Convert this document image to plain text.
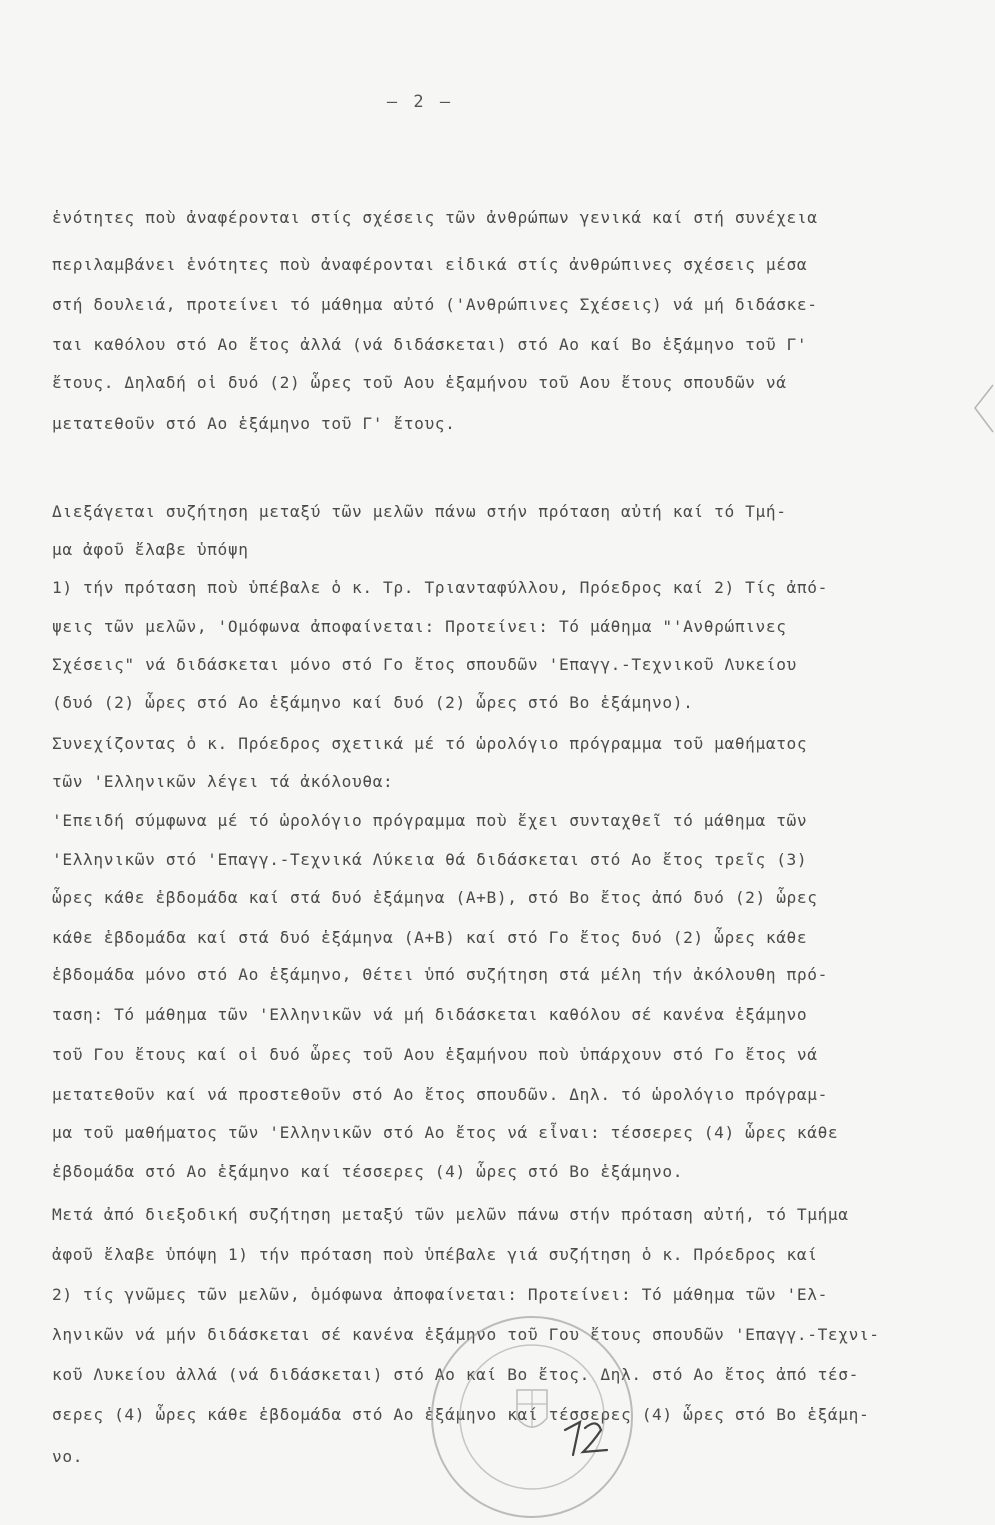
– 2 –
ἑνότητες ποὺ ἀναφέρονται στίς σχέσεις τῶν ἀνθρώπων γενικά καί στή συνέχεια
περιλαμβάνει ἑνότητες ποὺ ἀναφέρονται εἰδικά στίς ἀνθρώπινες σχέσεις μέσα
στή δουλειά, προτείνει τό μάθημα αὐτό ('Ανθρώπινες Σχέσεις) νά μή διδάσκε-
ται καθόλου στό Αο ἔτος ἀλλά (νά διδάσκεται) στό Αο καί Βο ἑξάμηνο τοῦ Γ'
ἔτους. Δηλαδή οἱ δυό (2) ὧρες τοῦ Αου ἑξαμήνου τοῦ Αου ἔτους σπουδῶν νά
μετατεθοῦν στό Αο ἑξάμηνο τοῦ Γ' ἔτους.
Διεξάγεται συζήτηση μεταξύ τῶν μελῶν πάνω στήν πρόταση αὐτή καί τό Τμή-
μα ἀφοῦ ἔλαβε ὑπόψη
1) τήν πρόταση ποὺ ὑπέβαλε ὁ κ. Τρ. Τριανταφύλλου, Πρόεδρος καί 2) Τίς ἀπό-
ψεις τῶν μελῶν, 'Ομόφωνα ἀποφαίνεται: Προτείνει: Τό μάθημα "'Ανθρώπινες
Σχέσεις" νά διδάσκεται μόνο στό Γο ἔτος σπουδῶν 'Επαγγ.-Τεχνικοῦ Λυκείου
(δυό (2) ὧρες στό Αο ἑξάμηνο καί δυό (2) ὧρες στό Βο ἑξάμηνο).
Συνεχίζοντας ὁ κ. Πρόεδρος σχετικά μέ τό ὡρολόγιο πρόγραμμα τοῦ μαθήματος
τῶν 'Ελληνικῶν λέγει τά ἀκόλουθα:
'Επειδή σύμφωνα μέ τό ὡρολόγιο πρόγραμμα ποὺ ἔχει συνταχθεῖ τό μάθημα τῶν
'Ελληνικῶν στό 'Επαγγ.-Τεχνικά Λύκεια θά διδάσκεται στό Αο ἔτος τρεῖς (3)
ὧρες κάθε ἑβδομάδα καί στά δυό ἑξάμηνα (Α+Β), στό Βο ἔτος ἀπό δυό (2) ὧρες
κάθε ἑβδομάδα καί στά δυό ἑξάμηνα (Α+Β) καί στό Γο ἔτος δυό (2) ὧρες κάθε
ἑβδομάδα μόνο στό Αο ἑξάμηνο, Θέτει ὑπό συζήτηση στά μέλη τήν ἀκόλουθη πρό-
ταση: Τό μάθημα τῶν 'Ελληνικῶν νά μή διδάσκεται καθόλου σέ κανένα ἑξάμηνο
τοῦ Γου ἔτους καί οἱ δυό ὧρες τοῦ Αου ἑξαμήνου ποὺ ὑπάρχουν στό Γο ἔτος νά
μετατεθοῦν καί νά προστεθοῦν στό Αο ἔτος σπουδῶν. Δηλ. τό ὡρολόγιο πρόγραμ-
μα τοῦ μαθήματος τῶν 'Ελληνικῶν στό Αο ἔτος νά εἶναι: τέσσερες (4) ὧρες κάθε
ἑβδομάδα στό Αο ἑξάμηνο καί τέσσερες (4) ὧρες στό Βο ἑξάμηνο.
Μετά ἀπό διεξοδική συζήτηση μεταξύ τῶν μελῶν πάνω στήν πρόταση αὐτή, τό Τμήμα
ἀφοῦ ἔλαβε ὑπόψη 1) τήν πρόταση ποὺ ὑπέβαλε γιά συζήτηση ὁ κ. Πρόεδρος καί
2) τίς γνῶμες τῶν μελῶν, ὁμόφωνα ἀποφαίνεται: Προτείνει: Τό μάθημα τῶν 'Ελ-
ληνικῶν νά μήν διδάσκεται σέ κανένα ἑξάμηνο τοῦ Γου ἔτους σπουδῶν 'Επαγγ.-Τεχνι-
κοῦ Λυκείου ἀλλά (νά διδάσκεται) στό Αο καί Βο ἔτος. Δηλ. στό Αο ἔτος ἀπό τέσ-
σερες (4) ὧρες κάθε ἑβδομάδα στό Αο ἑξάμηνο καί τέσσερες (4) ὧρες στό Βο ἑξάμη-
νο.
